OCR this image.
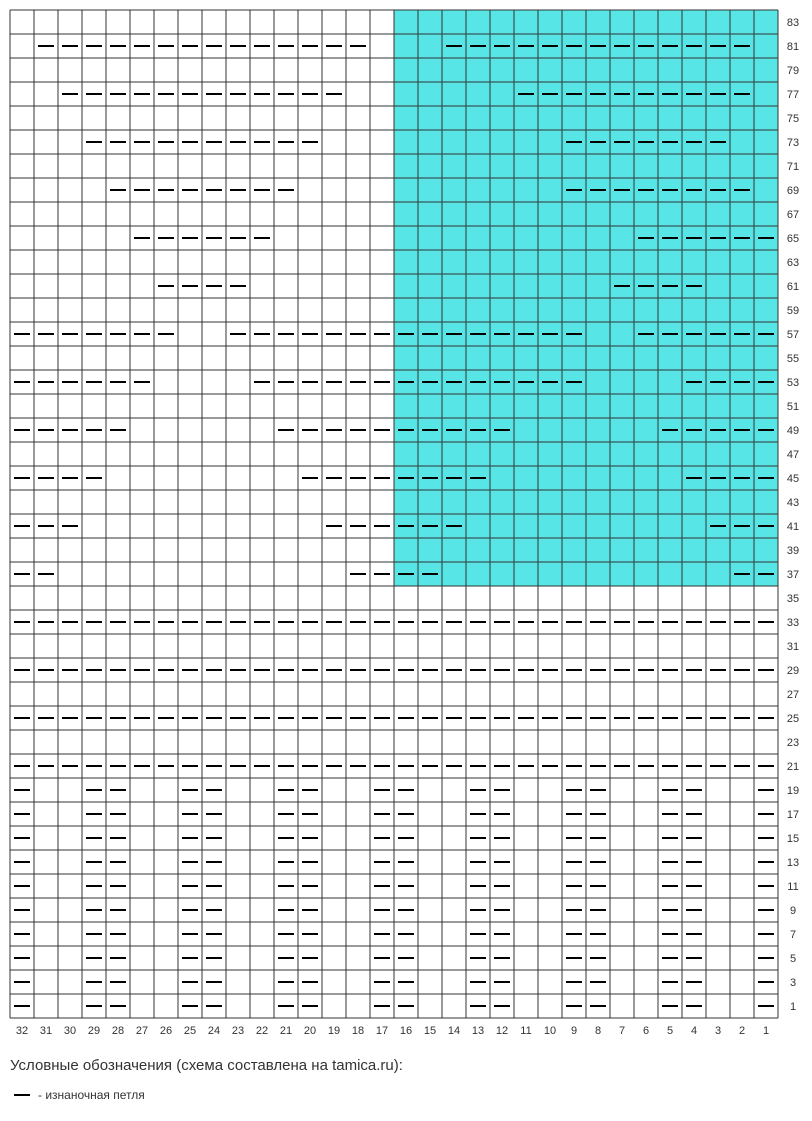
83
81
79
77
75
73
71
69
67
65
63
61
59
57
55
53
51
49
47
45
43
41
39
37
35
33
31
29
27
25
23
21
19
17
15
13
11
9
7
5
3
1
32 31 30 29 28 27 26 25 24 23 22 21 20 19 18 17 16 15 14 13 12 11 10 9 8 7 6 5 4 3 2 1
Условные обозначения (схема составлена на tamica.ru):
- изнаночная петля
